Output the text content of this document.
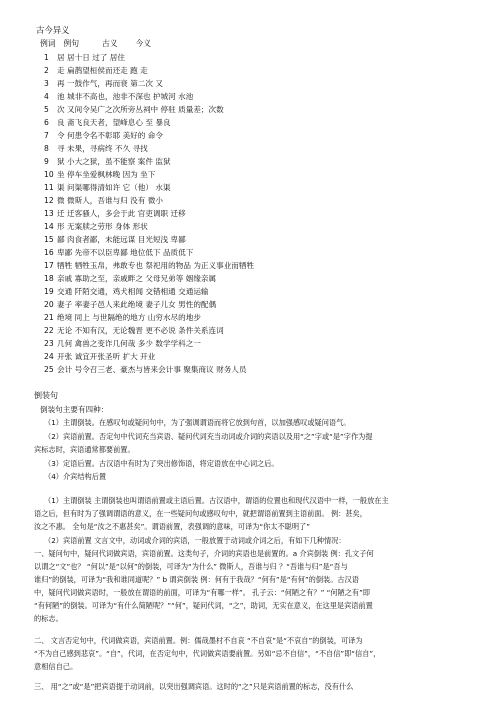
古今异义
例词 例句	古义 今义
1 居 居十日 过了 居住
2 走 扁鹊望桓侯而还走 跑 走
3 再 一鼓作气，再而衰 第二次 又
4 池 城非不高也，池非不深也 护城河 水池
5 次 又间令吴广之次所旁丛祠中 停驻 质量差；次数
6 良 斋飞良天者，望峰息心 至 暴良
7 令 何患令名不彰耶 美好的 命令
8 寻 未果，寻病终 不久 寻找
9 狱 小大之狱，虽不能察 案件 监狱
10 坐 停车坐爱枫林晚 因为 坐下
11 渠 问渠哪得清如许 它（他） 水渠
12 微 微斯人，吾谁与归 没有 微小
13 迁 迁客骚人，多会于此 官吏调职 迁移
14 形 无案牍之劳形 身体 形状
15 鄙 肉食者鄙，未能远谋 目光短浅 卑鄙
16 卑鄙 先帝不以臣卑鄙 地位低下 品质低下
17 牺牲 牺牲玉帛，弗敢专也 祭祀用的物品 为正义事业而牺牲
18 亲戚 寡助之至，亲戚畔之 父母兄弟等 姻缘亲属
19 交通 阡陌交通，鸡犬相闻 交错相通 交通运输
20 妻子 率妻子邑人来此绝境 妻子儿女 男性的配偶
21 绝境 同上 与世隔绝的地方 山穷水尽的地步
22 无论 不知有汉，无论魏晋 更不必说 条件关系连词
23 几何 禽兽之变诈几何哉 多少 数学学科之一
24 开张 诚宜开张圣听 扩大 开业
25 会计 号令召三老、豪杰与皆来会计事 聚集商议 财务人员
倒装句
倒装句主要有四种：
（1）主谓倒装。在感叹句或疑问句中，为了强调谓语而将它放到句首，以加强感叹或疑问语气。
（2）宾语前置。否定句中代词充当宾语、疑问代词充当动词或介词的宾语以及用“之”字或“是”字作为提
宾标志时，宾语通常都要前置。
（3）定语后置。古汉语中有时为了突出修饰语，将定语放在中心词之后。
（4）介宾结构后置
（1）主谓倒装 主谓倒装也叫谓语前置或主语后置。古汉语中，谓语的位置也和现代汉语中一样，一般放在主
语之后，但有时为了强调谓语的意义，在一些疑问句或感叹句中，就把谓语前置到主语前面。 例：甚矣，
汝之不惠。 全句是“汝之不惠甚矣”。谓语前置，表强调的意味，可译为“你太不聪明了”
（2）宾语前置 文言文中，动词或介词的宾语，一般放置于动词或介词之后，有如下几种情况：
一、疑问句中，疑问代词做宾语，宾语前置。这类句子，介词的宾语也是前置的。a 介宾倒装 例：孔文子何
以谓之“文”也？ “何以”是“以何”的倒装，可译为“为什么” 微斯人，吾谁与归 ？“吾谁与归”是“吾与
谁归”的倒装，可译为“我和谁同道呢？” b 谓宾倒装 例：何有于我哉？“何有”是“有何”的倒装。古汉语
中，疑问代词做宾语时，一般放在谓语的前面，可译为“有哪一样”。 孔子云：“何陋之有？” “何陋之有”即
“有何陋”的倒装。可译为“有什么简陋呢？”“何”，疑问代词，“之”，助词，无实在意义，在这里是宾语前置
的标志。
二、 文言否定句中，代词做宾语，宾语前置。例：儒哉墨村不自哀 “不自哀”是“不哀自”的倒装，可译为
“不为自己感到悲哀”。“自”，代词，在否定句中，代词做宾语要前置。另如“忌不自信”，“不自信”即“信自”，
意相信自己。
三、 用“之”或“是”把宾语提于动词前，以突出强调宾语。这时的“之”只是宾语前置的标志，没有什么
